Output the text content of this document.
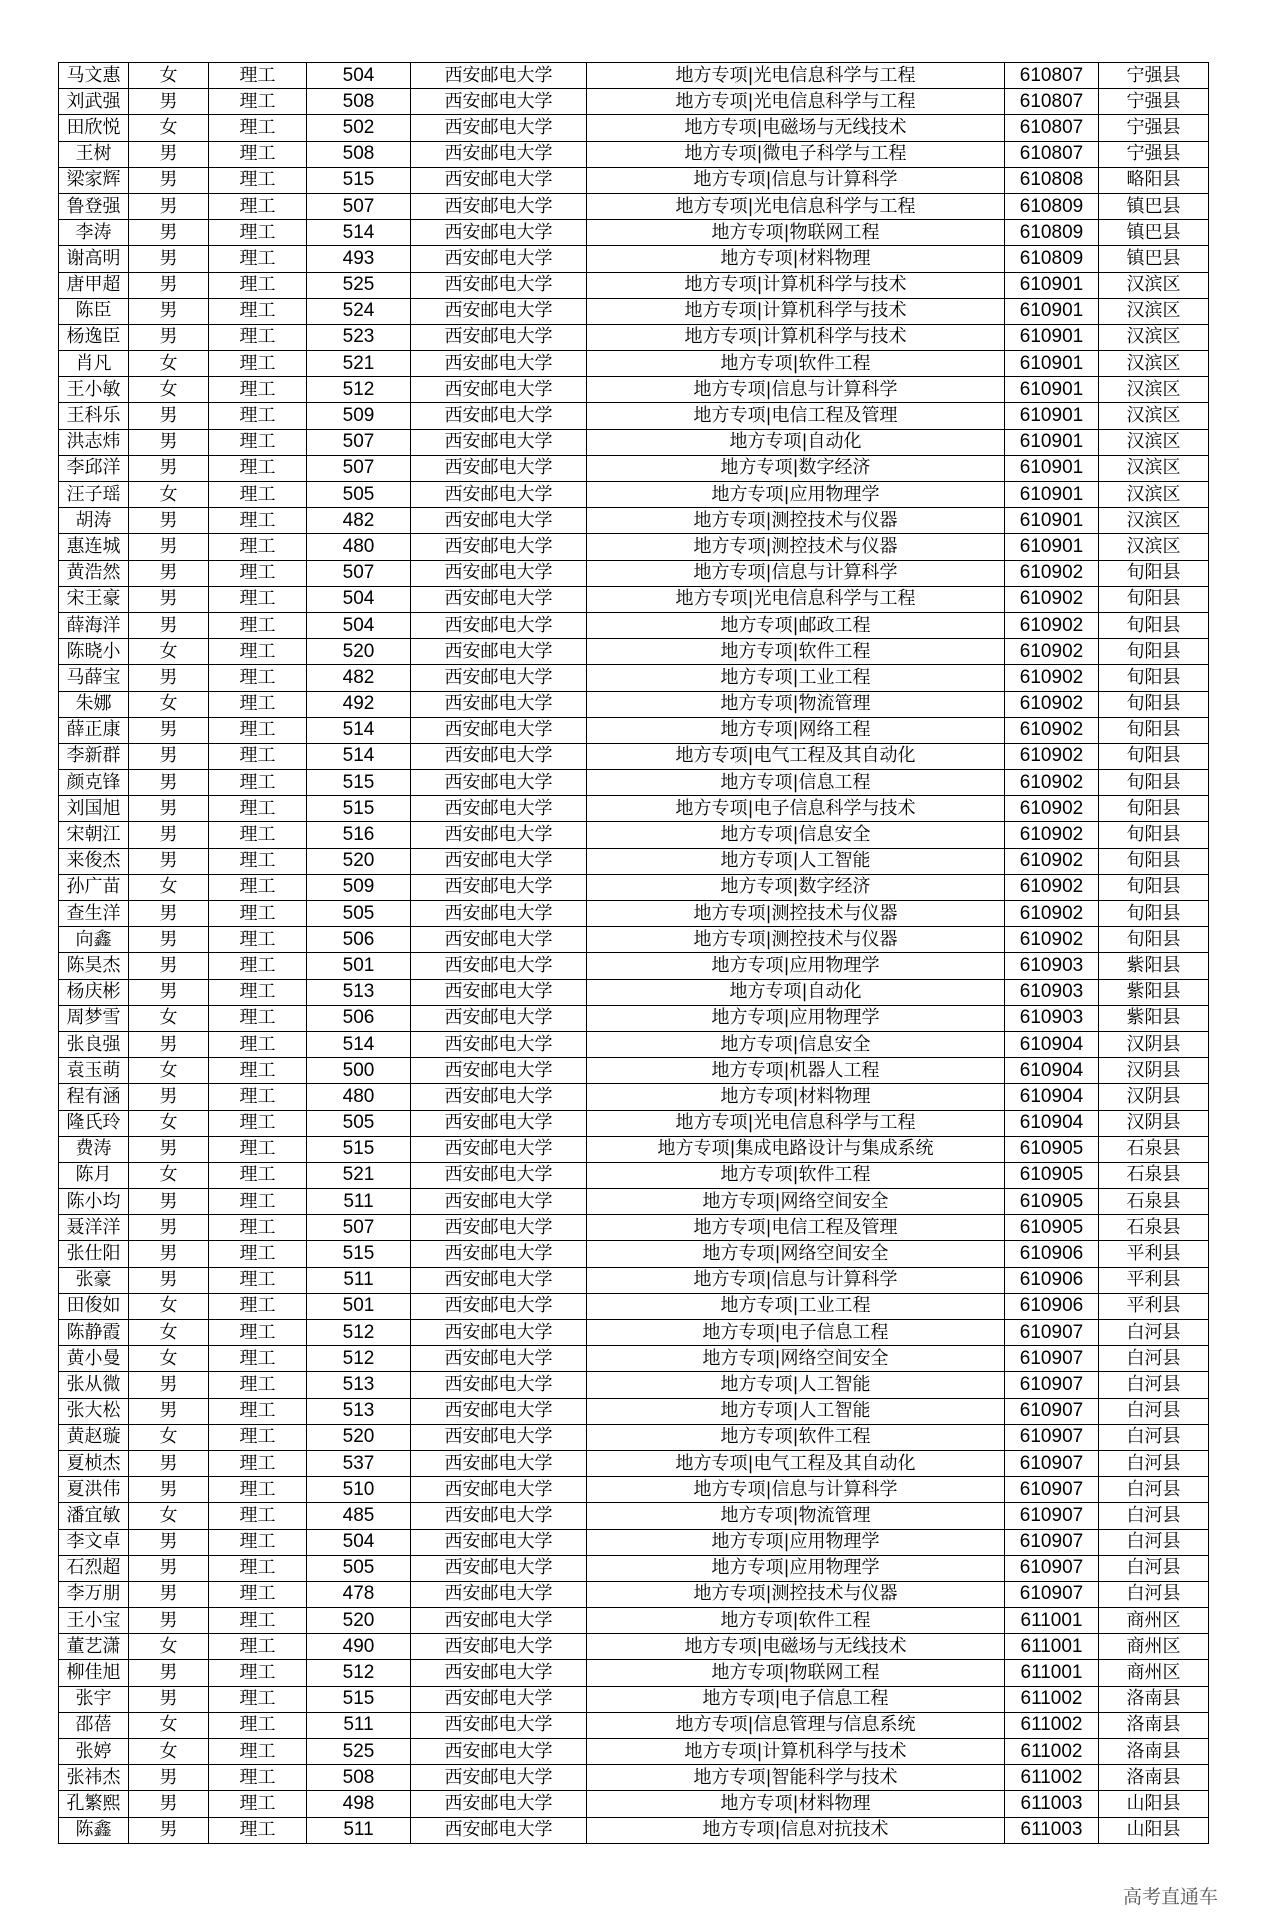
马文惠	女	理工	504	西安邮电大学	地方专项|光电信息科学与工程	610807	宁强县
刘武强	男	理工	508	西安邮电大学	地方专项|光电信息科学与工程	610807	宁强县
田欣悦	女	理工	502	西安邮电大学	地方专项|电磁场与无线技术	610807	宁强县
王树	男	理工	508	西安邮电大学	地方专项|微电子科学与工程	610807	宁强县
梁家辉	男	理工	515	西安邮电大学	地方专项|信息与计算科学	610808	略阳县
鲁登强	男	理工	507	西安邮电大学	地方专项|光电信息科学与工程	610809	镇巴县
李涛	男	理工	514	西安邮电大学	地方专项|物联网工程	610809	镇巴县
谢高明	男	理工	493	西安邮电大学	地方专项|材料物理	610809	镇巴县
唐甲超	男	理工	525	西安邮电大学	地方专项|计算机科学与技术	610901	汉滨区
陈臣	男	理工	524	西安邮电大学	地方专项|计算机科学与技术	610901	汉滨区
杨逸臣	男	理工	523	西安邮电大学	地方专项|计算机科学与技术	610901	汉滨区
肖凡	女	理工	521	西安邮电大学	地方专项|软件工程	610901	汉滨区
王小敏	女	理工	512	西安邮电大学	地方专项|信息与计算科学	610901	汉滨区
王科乐	男	理工	509	西安邮电大学	地方专项|电信工程及管理	610901	汉滨区
洪志炜	男	理工	507	西安邮电大学	地方专项|自动化	610901	汉滨区
李邱洋	男	理工	507	西安邮电大学	地方专项|数字经济	610901	汉滨区
汪子瑶	女	理工	505	西安邮电大学	地方专项|应用物理学	610901	汉滨区
胡涛	男	理工	482	西安邮电大学	地方专项|测控技术与仪器	610901	汉滨区
惠连城	男	理工	480	西安邮电大学	地方专项|测控技术与仪器	610901	汉滨区
黄浩然	男	理工	507	西安邮电大学	地方专项|信息与计算科学	610902	旬阳县
宋王豪	男	理工	504	西安邮电大学	地方专项|光电信息科学与工程	610902	旬阳县
薛海洋	男	理工	504	西安邮电大学	地方专项|邮政工程	610902	旬阳县
陈晓小	女	理工	520	西安邮电大学	地方专项|软件工程	610902	旬阳县
马薛宝	男	理工	482	西安邮电大学	地方专项|工业工程	610902	旬阳县
朱娜	女	理工	492	西安邮电大学	地方专项|物流管理	610902	旬阳县
薛正康	男	理工	514	西安邮电大学	地方专项|网络工程	610902	旬阳县
李新群	男	理工	514	西安邮电大学	地方专项|电气工程及其自动化	610902	旬阳县
颜克锋	男	理工	515	西安邮电大学	地方专项|信息工程	610902	旬阳县
刘国旭	男	理工	515	西安邮电大学	地方专项|电子信息科学与技术	610902	旬阳县
宋朝江	男	理工	516	西安邮电大学	地方专项|信息安全	610902	旬阳县
来俊杰	男	理工	520	西安邮电大学	地方专项|人工智能	610902	旬阳县
孙广苗	女	理工	509	西安邮电大学	地方专项|数字经济	610902	旬阳县
查生洋	男	理工	505	西安邮电大学	地方专项|测控技术与仪器	610902	旬阳县
向鑫	男	理工	506	西安邮电大学	地方专项|测控技术与仪器	610902	旬阳县
陈昊杰	男	理工	501	西安邮电大学	地方专项|应用物理学	610903	紫阳县
杨庆彬	男	理工	513	西安邮电大学	地方专项|自动化	610903	紫阳县
周梦雪	女	理工	506	西安邮电大学	地方专项|应用物理学	610903	紫阳县
张良强	男	理工	514	西安邮电大学	地方专项|信息安全	610904	汉阴县
袁玉萌	女	理工	500	西安邮电大学	地方专项|机器人工程	610904	汉阴县
程有涵	男	理工	480	西安邮电大学	地方专项|材料物理	610904	汉阴县
隆氏玲	女	理工	505	西安邮电大学	地方专项|光电信息科学与工程	610904	汉阴县
费涛	男	理工	515	西安邮电大学	地方专项|集成电路设计与集成系统	610905	石泉县
陈月	女	理工	521	西安邮电大学	地方专项|软件工程	610905	石泉县
陈小均	男	理工	511	西安邮电大学	地方专项|网络空间安全	610905	石泉县
聂洋洋	男	理工	507	西安邮电大学	地方专项|电信工程及管理	610905	石泉县
张仕阳	男	理工	515	西安邮电大学	地方专项|网络空间安全	610906	平利县
张豪	男	理工	511	西安邮电大学	地方专项|信息与计算科学	610906	平利县
田俊如	女	理工	501	西安邮电大学	地方专项|工业工程	610906	平利县
陈静霞	女	理工	512	西安邮电大学	地方专项|电子信息工程	610907	白河县
黄小曼	女	理工	512	西安邮电大学	地方专项|网络空间安全	610907	白河县
张从微	男	理工	513	西安邮电大学	地方专项|人工智能	610907	白河县
张大松	男	理工	513	西安邮电大学	地方专项|人工智能	610907	白河县
黄赵璇	女	理工	520	西安邮电大学	地方专项|软件工程	610907	白河县
夏桢杰	男	理工	537	西安邮电大学	地方专项|电气工程及其自动化	610907	白河县
夏洪伟	男	理工	510	西安邮电大学	地方专项|信息与计算科学	610907	白河县
潘宜敏	女	理工	485	西安邮电大学	地方专项|物流管理	610907	白河县
李文卓	男	理工	504	西安邮电大学	地方专项|应用物理学	610907	白河县
石烈超	男	理工	505	西安邮电大学	地方专项|应用物理学	610907	白河县
李万朋	男	理工	478	西安邮电大学	地方专项|测控技术与仪器	610907	白河县
王小宝	男	理工	520	西安邮电大学	地方专项|软件工程	611001	商州区
董艺潇	女	理工	490	西安邮电大学	地方专项|电磁场与无线技术	611001	商州区
柳佳旭	男	理工	512	西安邮电大学	地方专项|物联网工程	611001	商州区
张宇	男	理工	515	西安邮电大学	地方专项|电子信息工程	611002	洛南县
邵蓓	女	理工	511	西安邮电大学	地方专项|信息管理与信息系统	611002	洛南县
张婷	女	理工	525	西安邮电大学	地方专项|计算机科学与技术	611002	洛南县
张祎杰	男	理工	508	西安邮电大学	地方专项|智能科学与技术	611002	洛南县
孔繁熙	男	理工	498	西安邮电大学	地方专项|材料物理	611003	山阳县
陈鑫	男	理工	511	西安邮电大学	地方专项|信息对抗技术	611003	山阳县
高考直通车
